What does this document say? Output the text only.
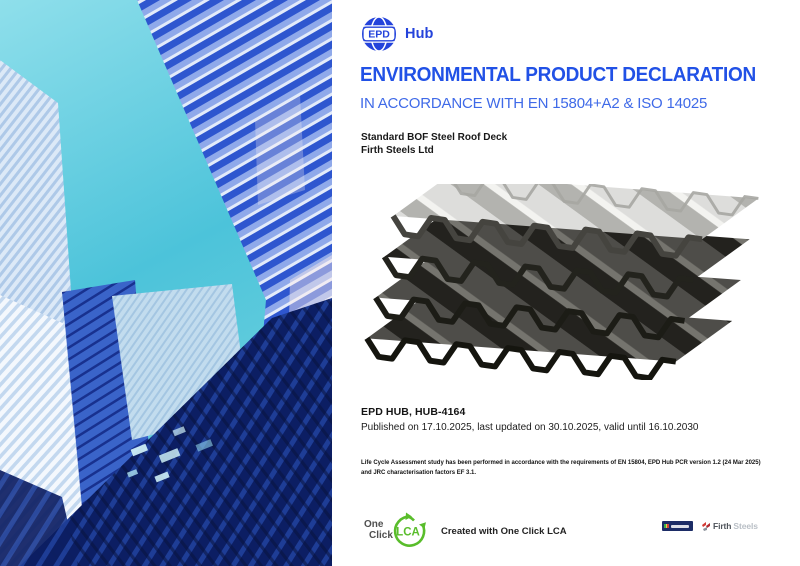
EPD Hub
ENVIRONMENTAL PRODUCT DECLARATION
IN ACCORDANCE WITH EN 15804+A2 & ISO 14025
Standard BOF Steel Roof Deck
Firth Steels Ltd
EPD HUB, HUB-4164
Published on 17.10.2025, last updated on 30.10.2025, valid until 16.10.2030
Life Cycle Assessment study has been performed in accordance with the requirements of EN 15804, EPD Hub PCR version 1.2 (24 Mar 2025) and JRC characterisation factors EF 3.1.
One
Click LCA Created with One Click LCA	Firth Steels
